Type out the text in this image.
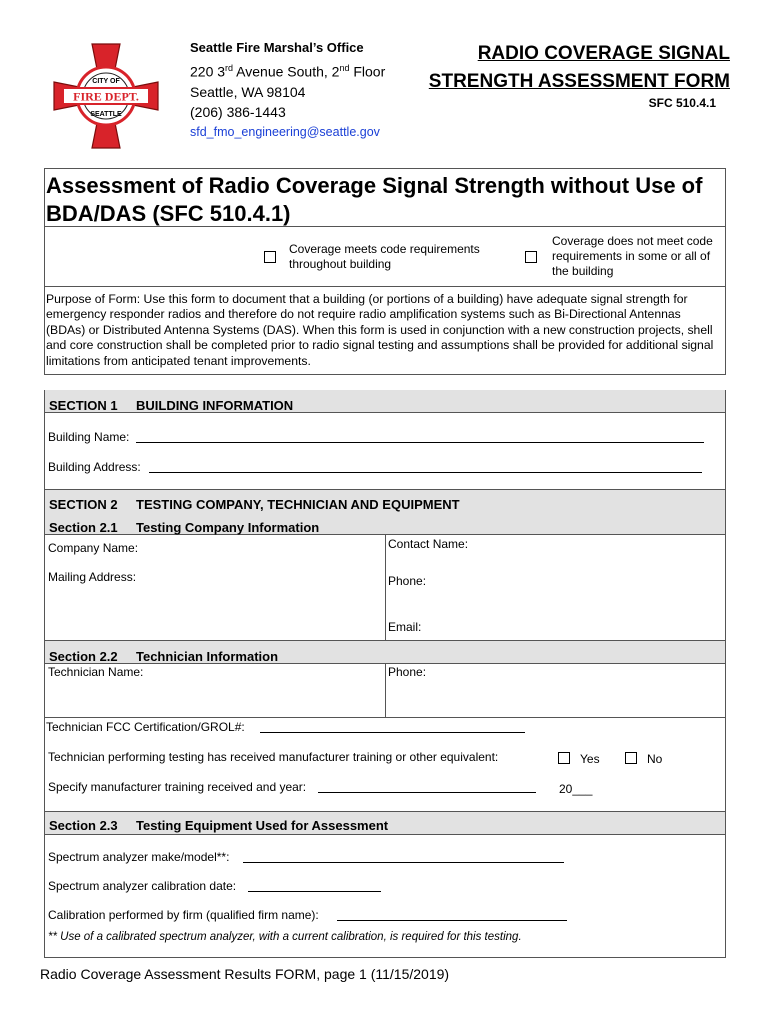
FIRE DEPT.
CITY OF
SEATTLE
Seattle Fire Marshal’s Office
220 3rd Avenue South, 2nd Floor
Seattle, WA 98104
(206) 386-1443
sfd_fmo_engineering@seattle.gov
RADIO COVERAGE SIGNAL
STRENGTH ASSESSMENT FORM
SFC 510.4.1
Assessment of Radio Coverage Signal Strength without Use of BDA/DAS (SFC 510.4.1)
Coverage meets code requirements
throughout building
Coverage does not meet code
requirements in some or all of
the building
Purpose of Form: Use this form to document that a building (or portions of a building) have adequate signal strength for emergency responder radios and therefore do not require radio amplification systems such as Bi-Directional Antennas (BDAs) or Distributed Antenna Systems (DAS). When this form is used in conjunction with a new construction projects, shell and core construction shall be completed prior to radio signal testing and assumptions shall be provided for additional signal limitations from anticipated tenant improvements.
SECTION 1 BUILDING INFORMATION
Building Name:
Building Address:
SECTION 2 TESTING COMPANY, TECHNICIAN AND EQUIPMENT
Section 2.1 Testing Company Information
Company Name:	Contact Name:
Mailing Address:	Phone:
Email:
Section 2.2 Technician Information
Technician Name:	Phone:
Technician FCC Certification/GROL#:
Technician performing testing has received manufacturer training or other equivalent:	Yes	No
Specify manufacturer training received and year:	20___
Section 2.3 Testing Equipment Used for Assessment
Spectrum analyzer make/model**:
Spectrum analyzer calibration date:
Calibration performed by firm (qualified firm name):
** Use of a calibrated spectrum analyzer, with a current calibration, is required for this testing.
Radio Coverage Assessment Results FORM, page 1 (11/15/2019)
